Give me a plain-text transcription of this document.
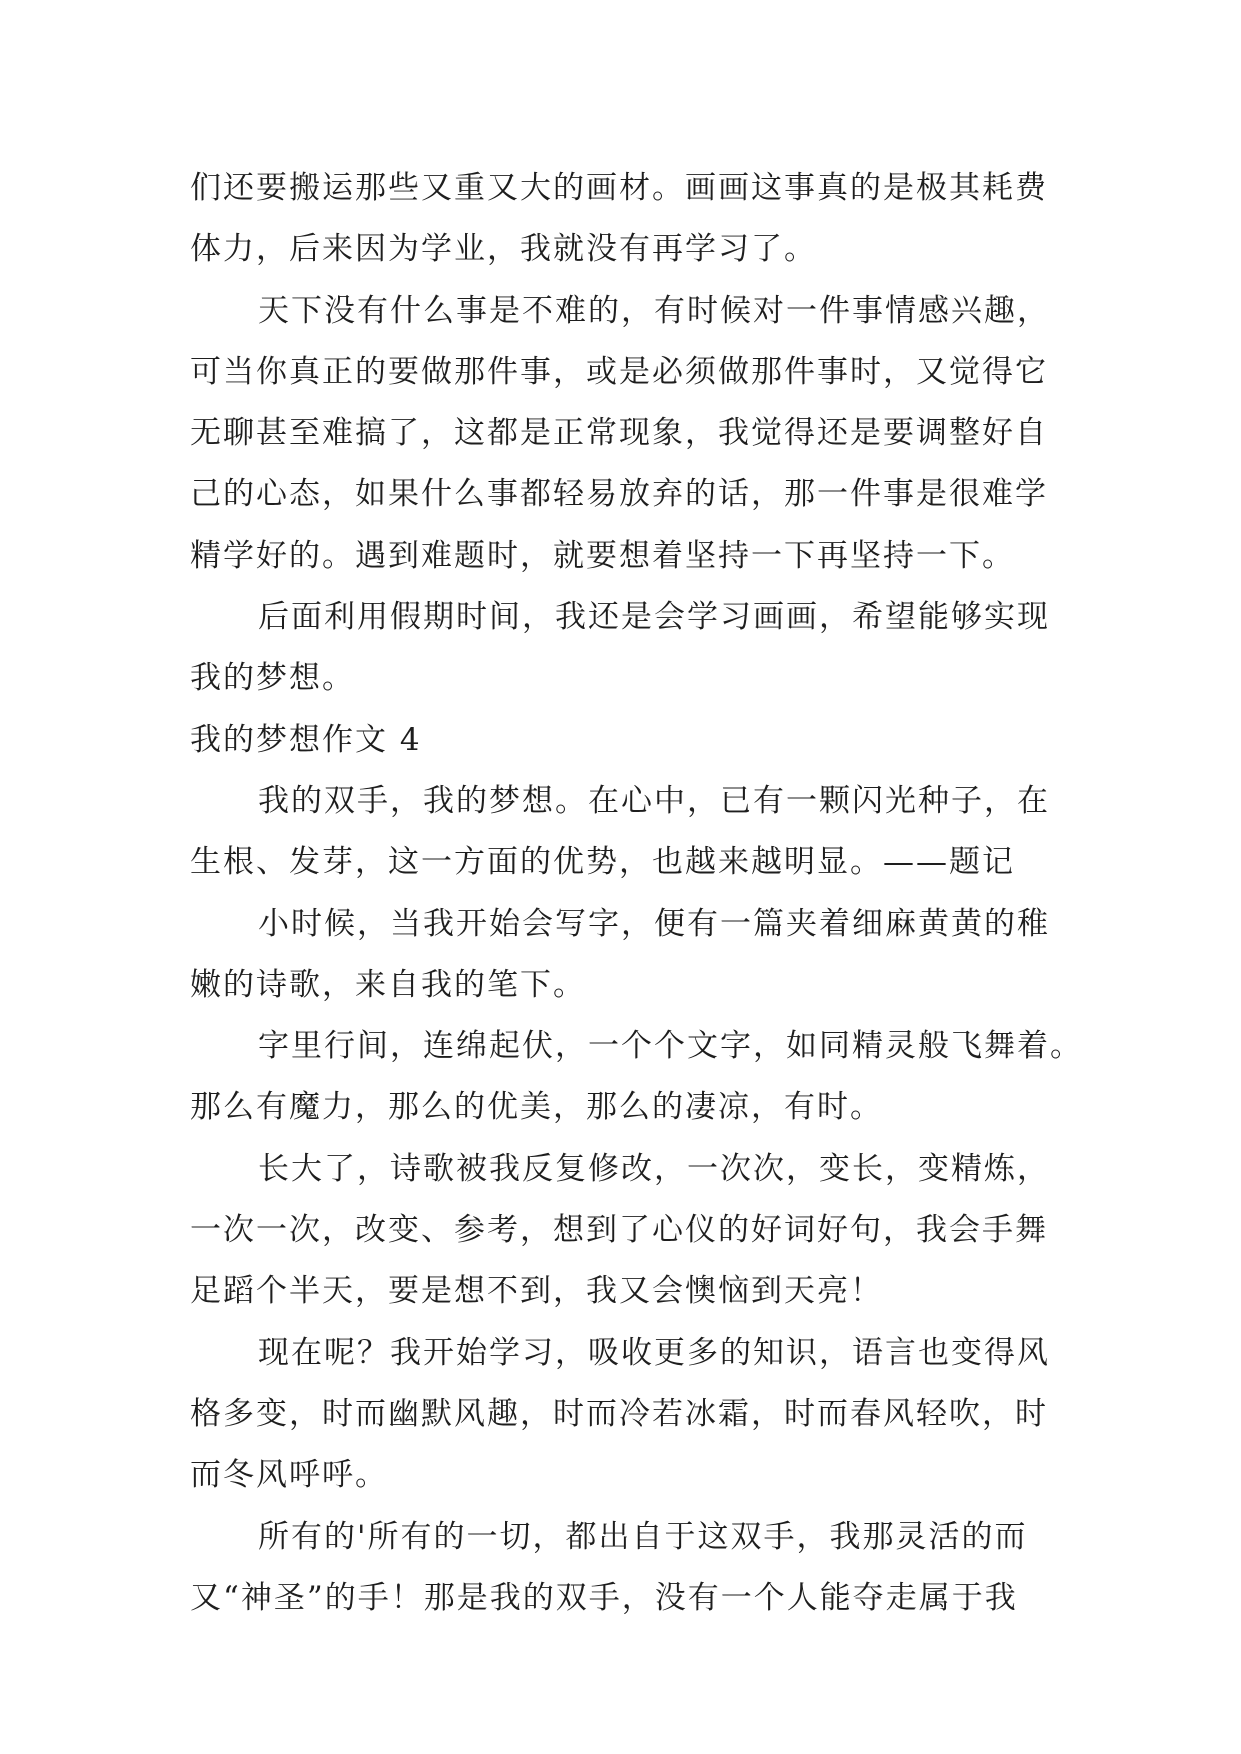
们还要搬运那些又重又大的画材。画画这事真的是极其耗费
体力，后来因为学业，我就没有再学习了。
天下没有什么事是不难的，有时候对一件事情感兴趣，
可当你真正的要做那件事，或是必须做那件事时，又觉得它
无聊甚至难搞了，这都是正常现象，我觉得还是要调整好自
己的心态，如果什么事都轻易放弃的话，那一件事是很难学
精学好的。遇到难题时，就要想着坚持一下再坚持一下。
后面利用假期时间，我还是会学习画画，希望能够实现
我的梦想。
我的梦想作文 4
我的双手，我的梦想。在心中，已有一颗闪光种子，在
生根、发芽，这一方面的优势，也越来越明显。——题记
小时候，当我开始会写字，便有一篇夹着细麻黄黄的稚
嫩的诗歌，来自我的笔下。
字里行间，连绵起伏，一个个文字，如同精灵般飞舞着。
那么有魔力，那么的优美，那么的凄凉，有时。
长大了，诗歌被我反复修改，一次次，变长，变精炼，
一次一次，改变、参考，想到了心仪的好词好句，我会手舞
足蹈个半天，要是想不到，我又会懊恼到天亮！
现在呢？我开始学习，吸收更多的知识，语言也变得风
格多变，时而幽默风趣，时而冷若冰霜，时而春风轻吹，时
而冬风呼呼。
所有的'所有的一切，都出自于这双手，我那灵活的而
又“神圣”的手！那是我的双手，没有一个人能夺走属于我
